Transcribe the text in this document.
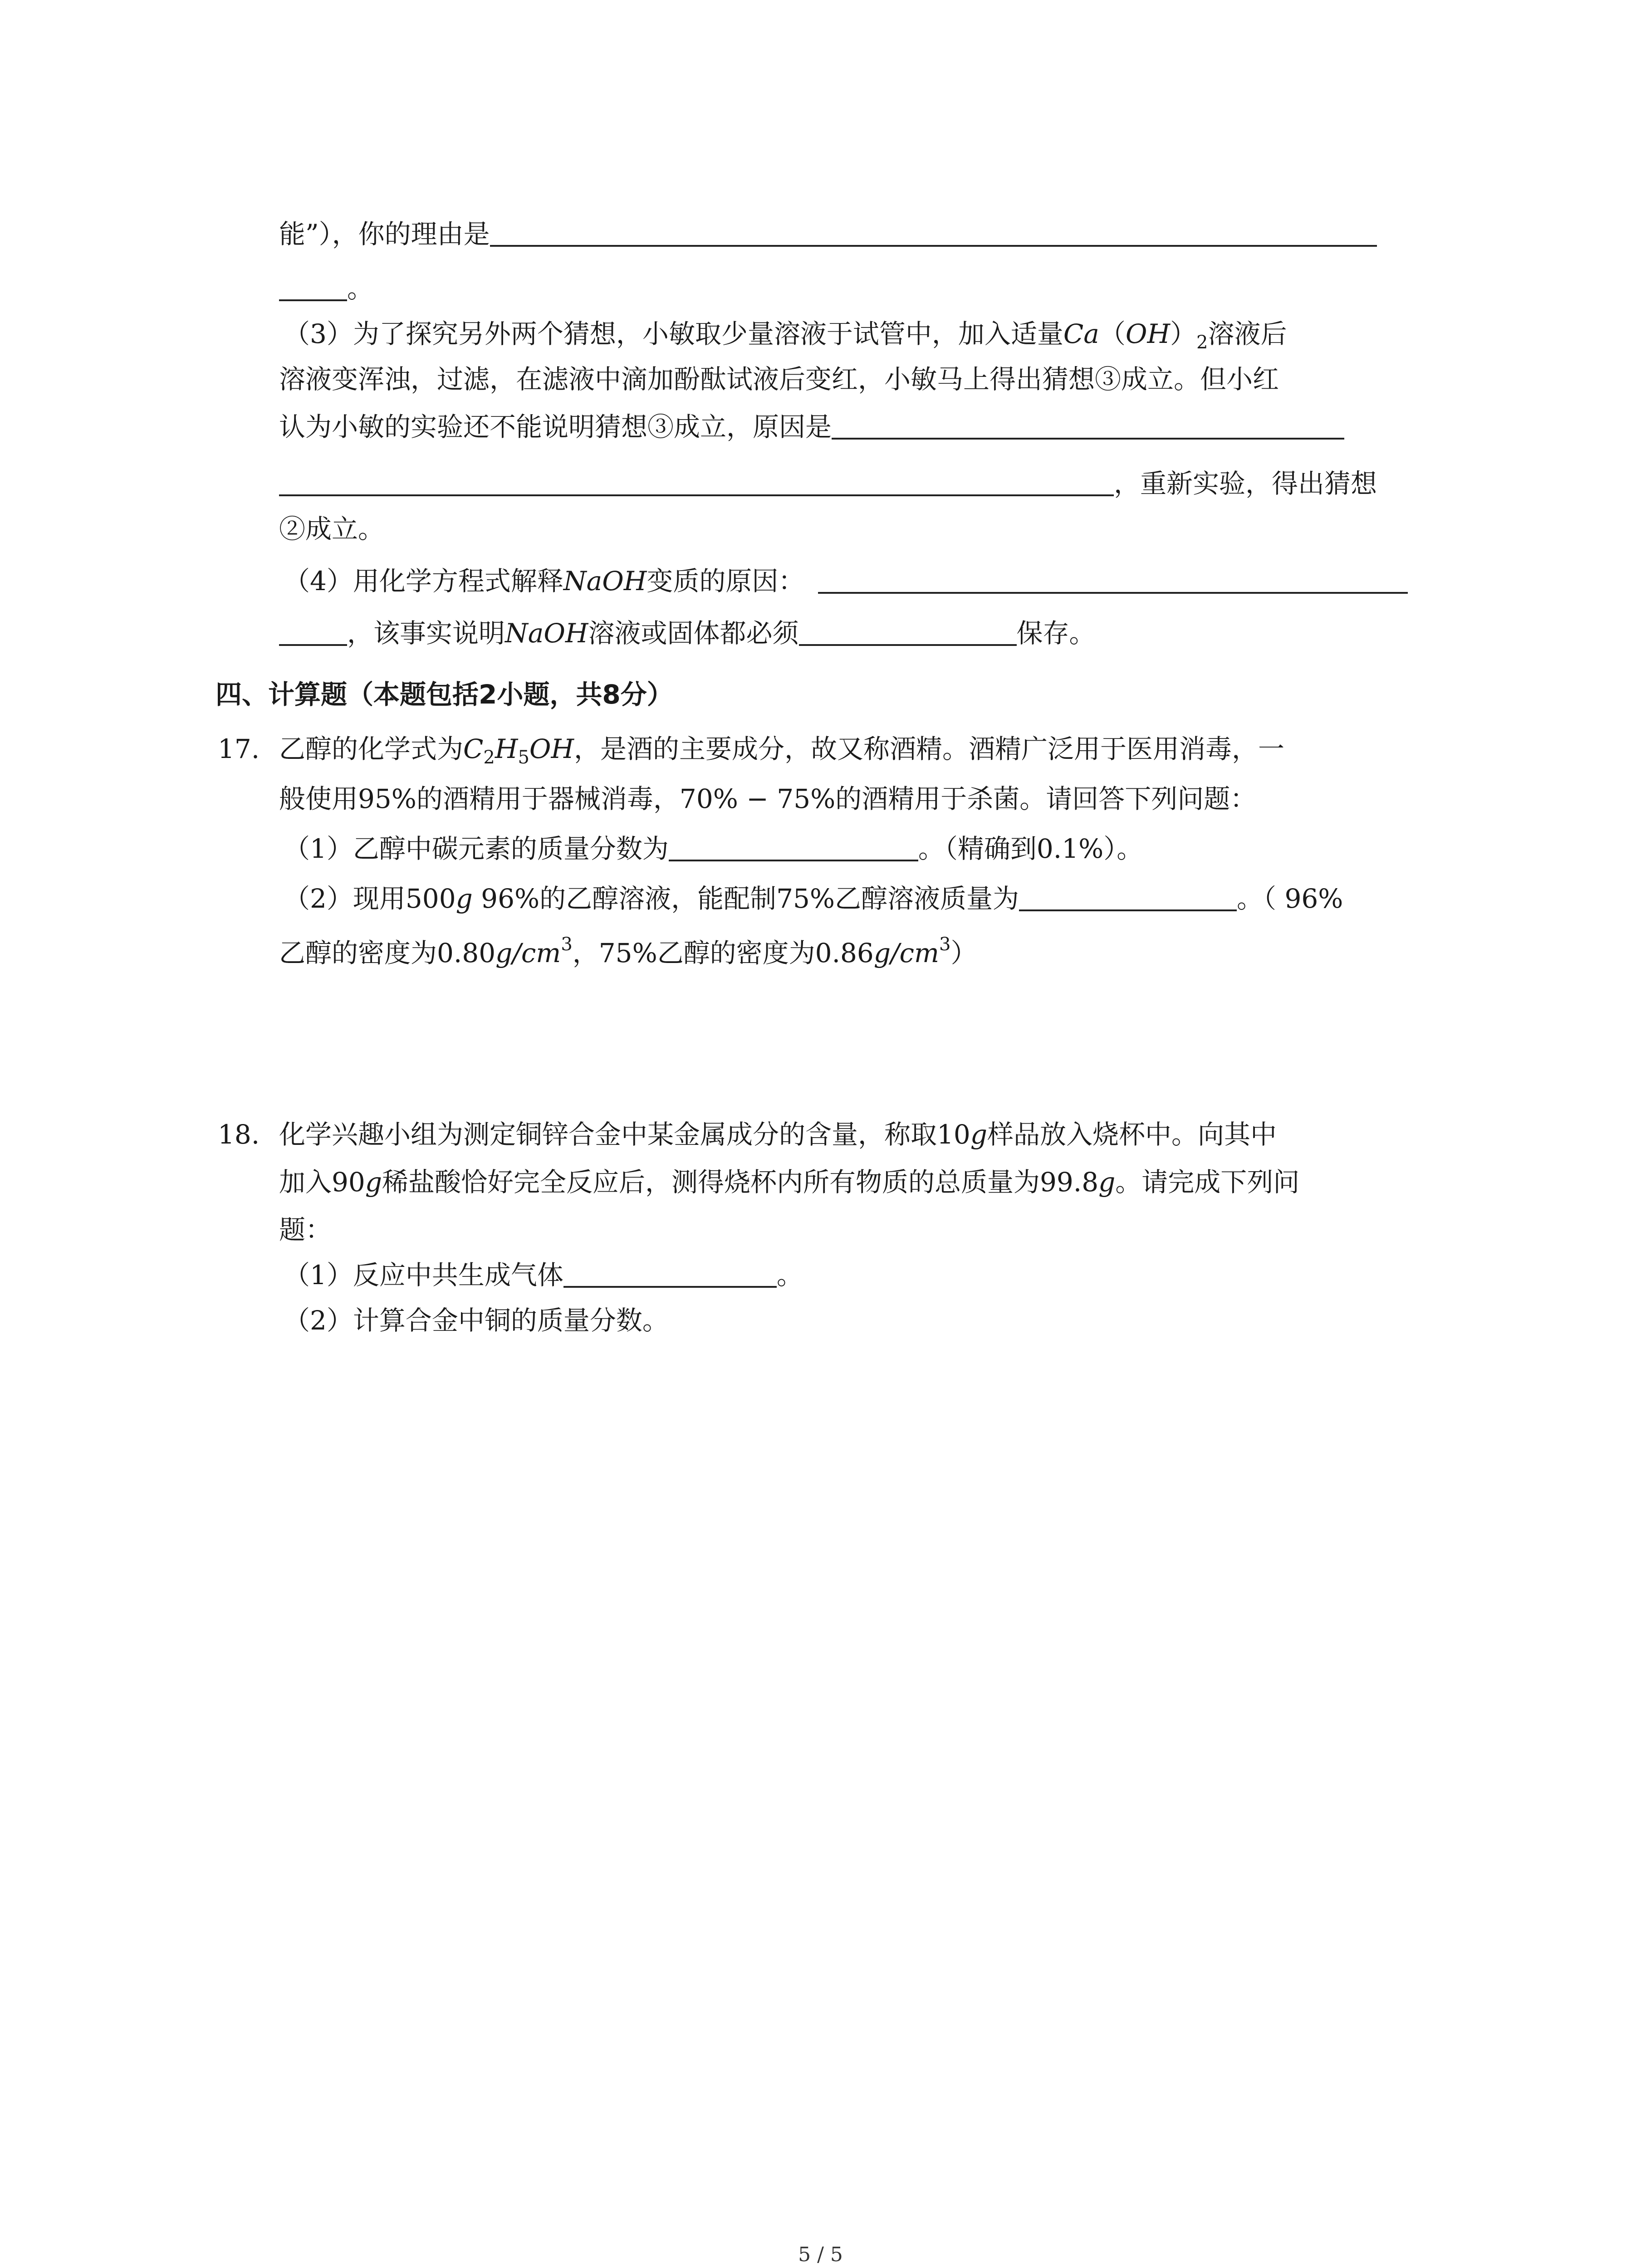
能”），你的理由是
。
（3）为了探究另外两个猜想，小敏取少量溶液于试管中，加入适量$Ca(OH)_2$溶液后
溶液变浑浊，过滤，在滤液中滴加酚酞试液后变红，小敏马上得出猜想③成立。但小红
认为小敏的实验还不能说明猜想③成立，原因是
，重新实验，得出猜想
②成立。
（4）用化学方程式解释NaOH变质的原因：
，该事实说明NaOH溶液或固体都必须	保存。
四、计算题（本题包括2小题，共8分）
17. 乙醇的化学式为$C_2H_5OH$，是酒的主要成分，故又称酒精。酒精广泛用于医用消毒，一
般使用95%的酒精用于器械消毒，70% − 75%的酒精用于杀菌。请回答下列问题：
（1）乙醇中碳元素的质量分数为	。（精确到0.1%）。
（2）现用500g 96%的乙醇溶液，能配制75%乙醇溶液质量为	。（ 96%
乙醇的密度为$0.80g/cm^3$，75%乙醇的密度为$0.86g/cm^3$）
18. 化学兴趣小组为测定铜锌合金中某金属成分的含量，称取10g样品放入烧杯中。向其中
加入90g稀盐酸恰好完全反应后，测得烧杯内所有物质的总质量为99.8g。请完成下列问
题：
（1）反应中共生成气体	。
（2）计算合金中铜的质量分数。
5 / 5
